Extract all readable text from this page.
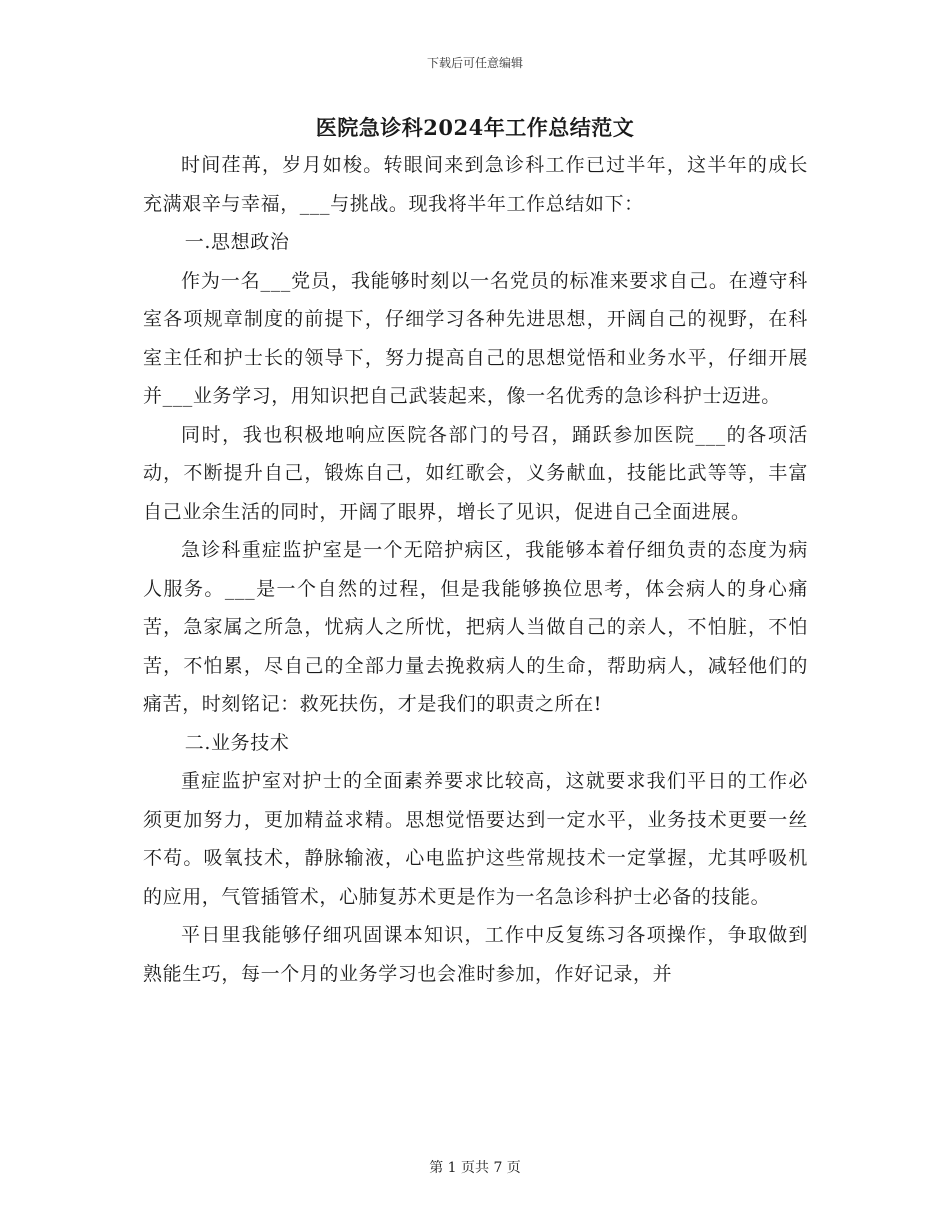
下载后可任意编辑
医院急诊科2024年工作总结范文

时间荏苒，岁月如梭。转眼间来到急诊科工作已过半年，这半年的成长充满艰辛与幸福，___与挑战。现我将半年工作总结如下：

一.思想政治

作为一名___党员，我能够时刻以一名党员的标准来要求自己。在遵守科室各项规章制度的前提下，仔细学习各种先进思想，开阔自己的视野，在科室主任和护士长的领导下，努力提高自己的思想觉悟和业务水平，仔细开展并___业务学习，用知识把自己武装起来，像一名优秀的急诊科护士迈进。

同时，我也积极地响应医院各部门的号召，踊跃参加医院___的各项活动，不断提升自己，锻炼自己，如红歌会，义务献血，技能比武等等，丰富自己业余生活的同时，开阔了眼界，增长了见识，促进自己全面进展。

急诊科重症监护室是一个无陪护病区，我能够本着仔细负责的态度为病人服务。___是一个自然的过程，但是我能够换位思考，体会病人的身心痛苦，急家属之所急，忧病人之所忧，把病人当做自己的亲人，不怕脏，不怕苦，不怕累，尽自己的全部力量去挽救病人的生命，帮助病人，减轻他们的痛苦，时刻铭记：救死扶伤，才是我们的职责之所在!

二.业务技术

重症监护室对护士的全面素养要求比较高，这就要求我们平日的工作必须更加努力，更加精益求精。思想觉悟要达到一定水平，业务技术更要一丝不苟。吸氧技术，静脉输液，心电监护这些常规技术一定掌握，尤其呼吸机的应用，气管插管术，心肺复苏术更是作为一名急诊科护士必备的技能。

平日里我能够仔细巩固课本知识，工作中反复练习各项操作，争取做到熟能生巧，每一个月的业务学习也会准时参加，作好记录，并

第 1 页共 7 页
